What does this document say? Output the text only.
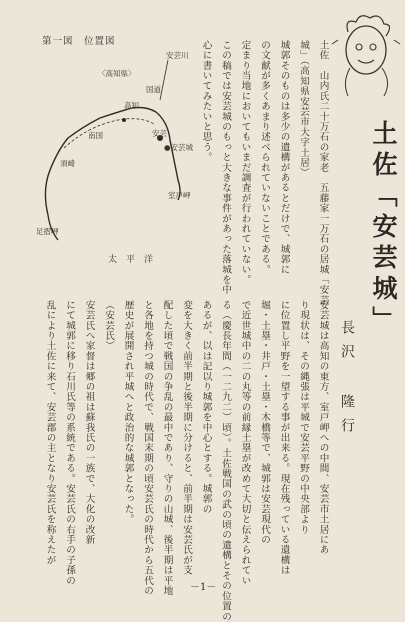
土佐「安芸城」
長沢 隆行
安芸城は高知の東方、室戸岬への中間、安芸市土居にあ
り現状は、その縄張は平城で安芸平野の中央部より
に位置し平野を一望する事が出来る。現在残っている遺構は
堀・土塁・井戸・土塁・木橋等で、城郭は安芸現代の
で近世城中の二の丸等の前縁土塁が改めて大切と伝えられてい
る（慶長年間（一二九二）頃）。土佐戦国の武の頃の遺構とその位置の
あるが、以は記以り城郭を中心とする。城郭の
変を大きく前半期と後半期に分けると、前半期は安芸氏が支
配した頃で戦国の争乱の最中であり、守りの山城、後半期は平地
と各地を持つ城の時代で、戦国末期の頃安芸氏の時代から五代の
歴史が展開され平城へと政治的な城郭となった。
（安芸氏）
安芸氏へ家督は郷の祖は蘇我氏の一族で、大化の改新
にて城郭に移り石川氏等の系統である。安芸氏の右手の子孫の
乱により土佐に来て、安芸郡の主となり安芸氏を称えたが
土佐　山内氏二十万石の家老　五藤家一万石の居城「安芸
城」（高知県安芸市大字土居）
城郭そのものは多少の遺構があるとだけで、城郭に
の文献が多くあまり述べられていないことである。
定まり当地においてもいまだ調査が行われていない。
この稿では安芸城のもっと大きな事件があった落城を中
心に書いてみたいと思う。
第一図　位置図
〈高知県〉
高知
国道
安芸
●安芸城
安芸川
南国
須崎
室戸岬
足摺岬
太　平　洋
－1－
